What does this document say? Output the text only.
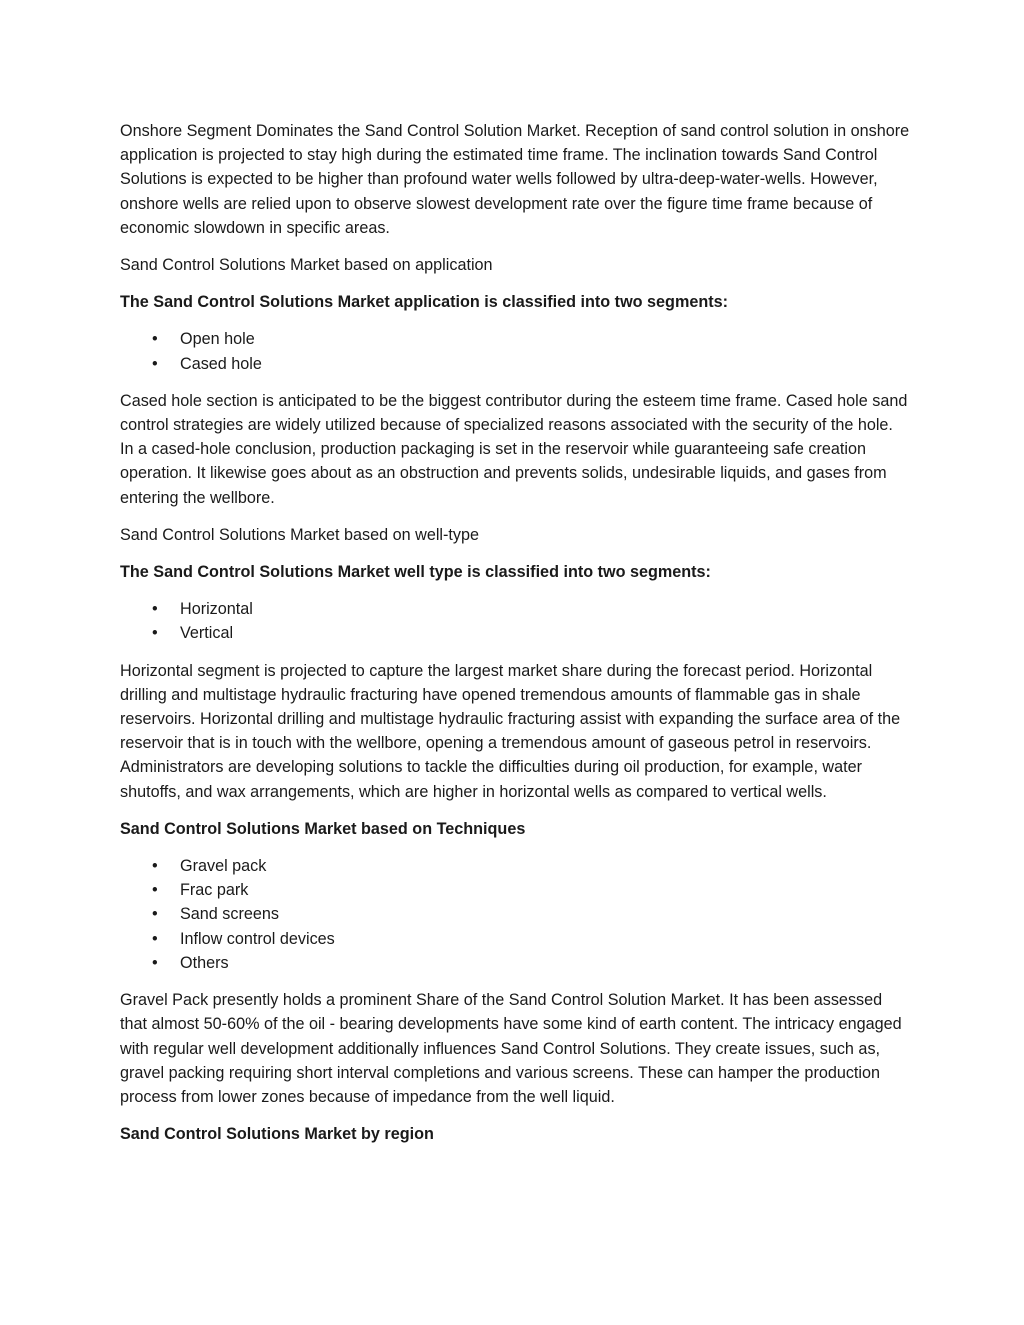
Onshore Segment Dominates the Sand Control Solution Market. Reception of sand control solution in onshore application is projected to stay high during the estimated time frame. The inclination towards Sand Control Solutions is expected to be higher than profound water wells followed by ultra-deep-water-wells. However, onshore wells are relied upon to observe slowest development rate over the figure time frame because of economic slowdown in specific areas.

Sand Control Solutions Market based on application

The Sand Control Solutions Market application is classified into two segments:

• Open hole
• Cased hole

Cased hole section is anticipated to be the biggest contributor during the esteem time frame. Cased hole sand control strategies are widely utilized because of specialized reasons associated with the security of the hole. In a cased-hole conclusion, production packaging is set in the reservoir while guaranteeing safe creation operation. It likewise goes about as an obstruction and prevents solids, undesirable liquids, and gases from entering the wellbore.

Sand Control Solutions Market based on well-type

The Sand Control Solutions Market well type is classified into two segments:

• Horizontal
• Vertical

Horizontal segment is projected to capture the largest market share during the forecast period. Horizontal drilling and multistage hydraulic fracturing have opened tremendous amounts of flammable gas in shale reservoirs. Horizontal drilling and multistage hydraulic fracturing assist with expanding the surface area of the reservoir that is in touch with the wellbore, opening a tremendous amount of gaseous petrol in reservoirs. Administrators are developing solutions to tackle the difficulties during oil production, for example, water shutoffs, and wax arrangements, which are higher in horizontal wells as compared to vertical wells.

Sand Control Solutions Market based on Techniques

• Gravel pack
• Frac park
• Sand screens
• Inflow control devices
• Others

Gravel Pack presently holds a prominent Share of the Sand Control Solution Market. It has been assessed that almost 50-60% of the oil - bearing developments have some kind of earth content. The intricacy engaged with regular well development additionally influences Sand Control Solutions. They create issues, such as, gravel packing requiring short interval completions and various screens. These can hamper the production process from lower zones because of impedance from the well liquid.

Sand Control Solutions Market by region
